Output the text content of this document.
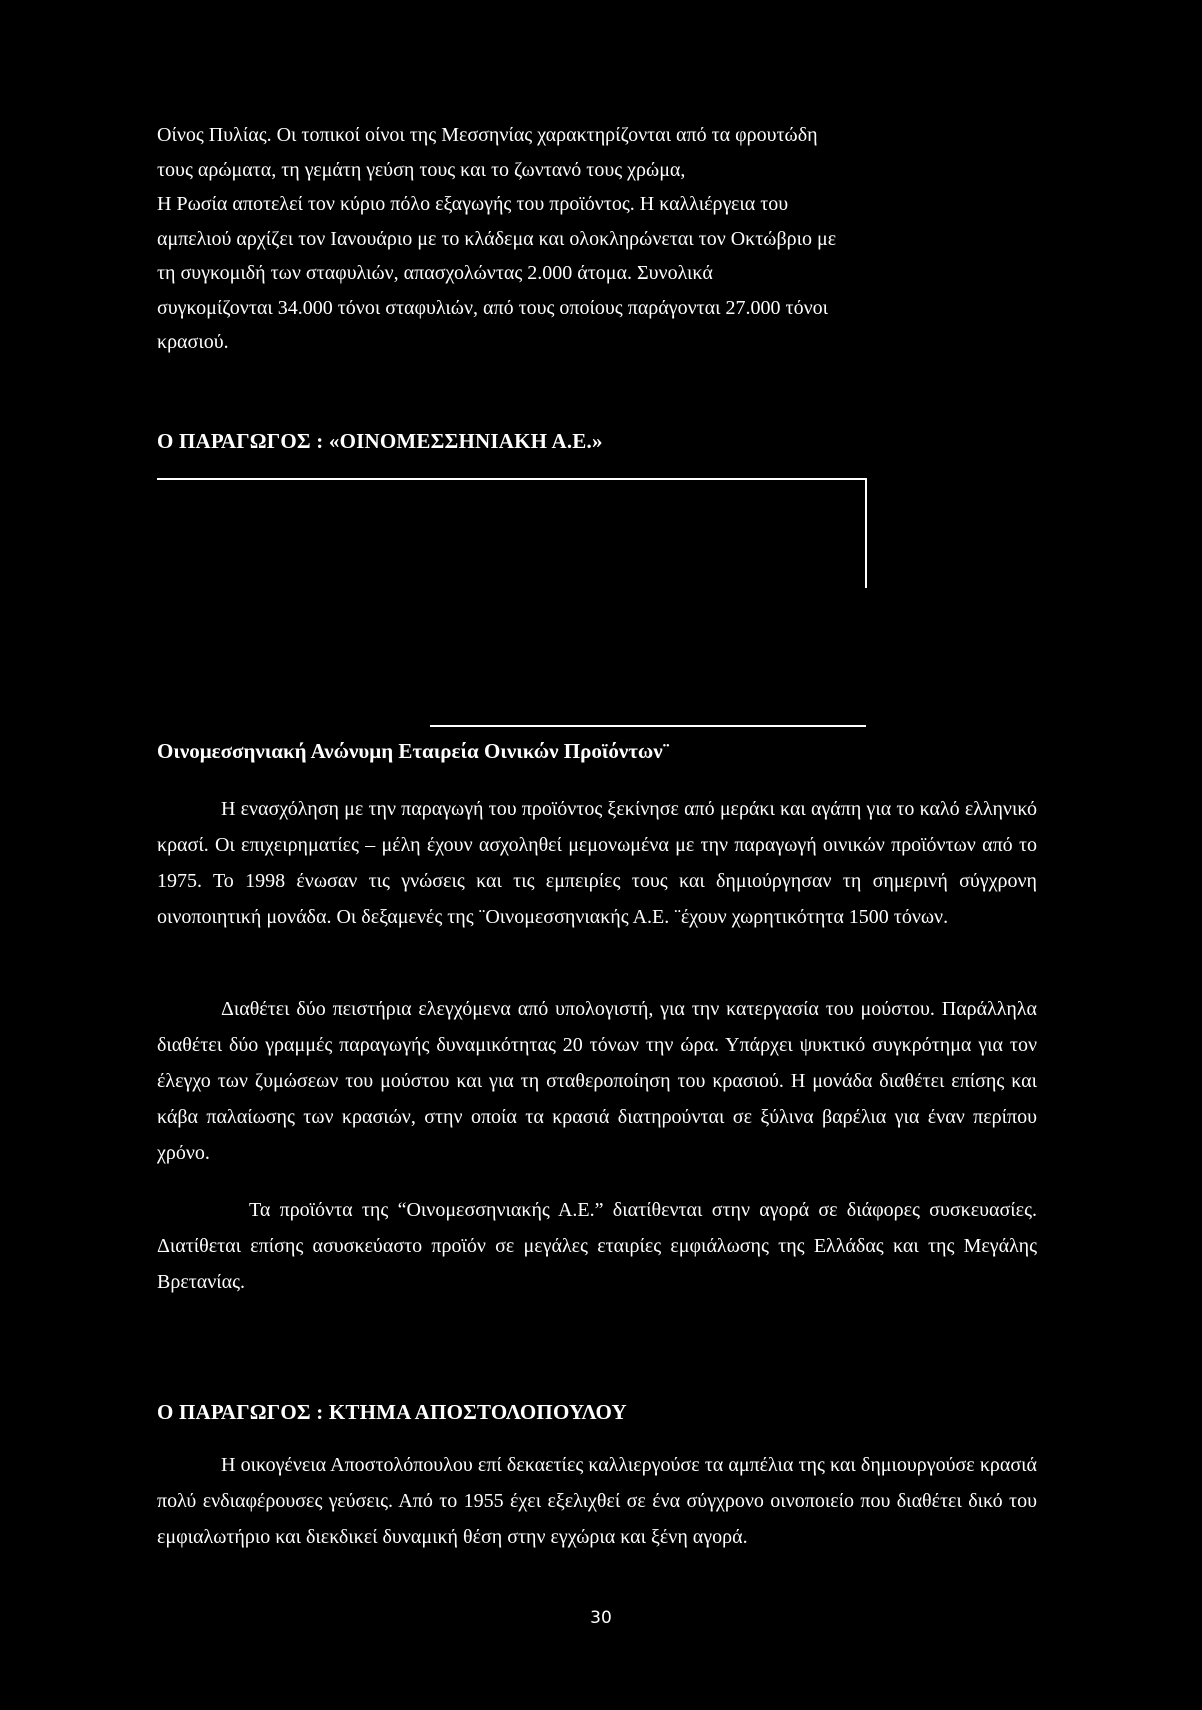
Οίνος Πυλίας. Οι τοπικοί οίνοι της Μεσσηνίας χαρακτηρίζονται από τα φρουτώδη

τους αρώματα, τη γεμάτη γεύση τους και το ζωντανό τους χρώμα,

Η Ρωσία αποτελεί τον κύριο πόλο εξαγωγής του προϊόντος. Η καλλιέργεια του

αμπελιού αρχίζει τον Ιανουάριο με το κλάδεμα και ολοκληρώνεται τον Οκτώβριο με

τη συγκομιδή των σταφυλιών, απασχολώντας 2.000 άτομα. Συνολικά

συγκομίζονται 34.000 τόνοι σταφυλιών, από τους οποίους παράγονται 27.000 τόνοι

κρασιού.

Ο ΠΑΡΑΓΩΓΟΣ : «ΟΙΝΟΜΕΣΣΗΝΙΑΚΗ Α.Ε.»
Οινομεσσηνιακή Ανώνυμη Εταιρεία Οινικών Προϊόντων¨
Η ενασχόληση με την παραγωγή του προϊόντος ξεκίνησε από μεράκι και αγάπη για το καλό ελληνικό κρασί. Οι επιχειρηματίες – μέλη έχουν ασχοληθεί μεμονωμένα με την παραγωγή οινικών προϊόντων από το 1975. Το 1998 ένωσαν τις γνώσεις και τις εμπειρίες τους και δημιούργησαν τη σημερινή σύγχρονη οινοποιητική μονάδα. Οι δεξαμενές της ¨Οινομεσσηνιακής Α.Ε. ¨έχουν χωρητικότητα 1500 τόνων.
Διαθέτει δύο πειστήρια ελεγχόμενα από υπολογιστή, για την κατεργασία του μούστου. Παράλληλα διαθέτει δύο γραμμές παραγωγής δυναμικότητας 20 τόνων την ώρα. Υπάρχει ψυκτικό συγκρότημα για τον έλεγχο των ζυμώσεων του μούστου και για τη σταθεροποίηση του κρασιού. Η μονάδα διαθέτει επίσης και κάβα παλαίωσης των κρασιών, στην οποία τα κρασιά διατηρούνται σε ξύλινα βαρέλια για έναν περίπου χρόνο.
Τα προϊόντα της “Οινομεσσηνιακής Α.Ε.” διατίθενται στην αγορά σε διάφορες συσκευασίες. Διατίθεται επίσης ασυσκεύαστο προϊόν σε μεγάλες εταιρίες εμφιάλωσης της Ελλάδας και της Μεγάλης Βρετανίας.
Ο ΠΑΡΑΓΩΓΟΣ : ΚΤΗΜΑ ΑΠΟΣΤΟΛΟΠΟΥΛΟΥ
Η οικογένεια Αποστολόπουλου επί δεκαετίες καλλιεργούσε τα αμπέλια της και δημιουργούσε κρασιά πολύ ενδιαφέρουσες γεύσεις. Από το 1955 έχει εξελιχθεί σε ένα σύγχρονο οινοποιείο που διαθέτει δικό του εμφιαλωτήριο και διεκδικεί δυναμική θέση στην εγχώρια και ξένη αγορά.
30
